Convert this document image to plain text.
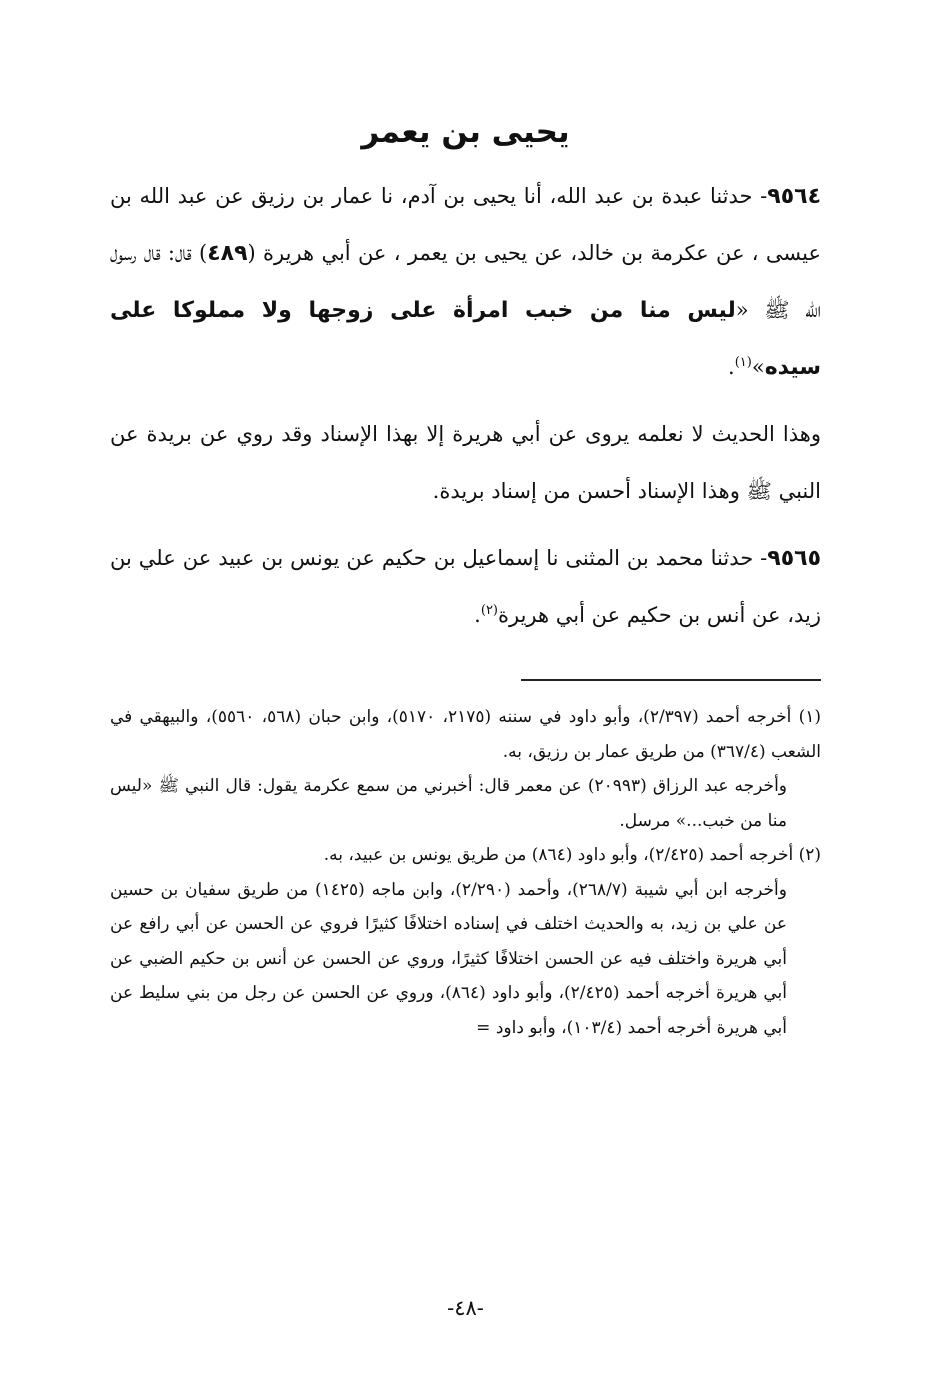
يحيى بن يعمر

٩٥٦٤- حدثنا عبدة بن عبد الله، أنا يحيى بن آدم، نا عمار بن رزيق عن عبد الله بن عيسى ، عن عكرمة بن خالد، عن يحيى بن يعمر ، عن أبي هريرة (٤٨٩) قال: قال رسول الله ﷺ «ليس منا من خبب امرأة على زوجها ولا مملوكا على سيده»$^{(١)}$.

وهذا الحديث لا نعلمه يروى عن أبي هريرة إلا بهذا الإسناد وقد روي عن بريدة عن النبي ﷺ وهذا الإسناد أحسن من إسناد بريدة.

٩٥٦٥- حدثنا محمد بن المثنى نا إسماعيل بن حكيم عن يونس بن عبيد عن علي بن زيد، عن أنس بن حكيم عن أبي هريرة$^{(٢)}$.

(١) أخرجه أحمد (٢/٣٩٧)، وأبو داود في سننه (٢١٧٥، ٥١٧٠)، وابن حبان (٥٦٨، ٥٥٦٠)، والبيهقي في الشعب (٣٦٧/٤) من طريق عمار بن رزيق، به.

وأخرجه عبد الرزاق (٢٠٩٩٣) عن معمر قال: أخبرني من سمع عكرمة يقول: قال النبي ﷺ «ليس منا من خبب...» مرسل.

(٢) أخرجه أحمد (٢/٤٢٥)، وأبو داود (٨٦٤) من طريق يونس بن عبيد، به.

وأخرجه ابن أبي شيبة (٢٦٨/٧)، وأحمد (٢/٢٩٠)، وابن ماجه (١٤٢٥) من طريق سفيان بن حسين عن علي بن زيد، به والحديث اختلف في إسناده اختلافًا كثيرًا فروي عن الحسن عن أبي رافع عن أبي هريرة واختلف فيه عن الحسن اختلافًا كثيرًا، وروي عن الحسن عن أنس بن حكيم الضبي عن أبي هريرة أخرجه أحمد (٢/٤٢٥)، وأبو داود (٨٦٤)، وروي عن الحسن عن رجل من بني سليط عن أبي هريرة أخرجه أحمد (١٠٣/٤)، وأبو داود =

-٤٨-
